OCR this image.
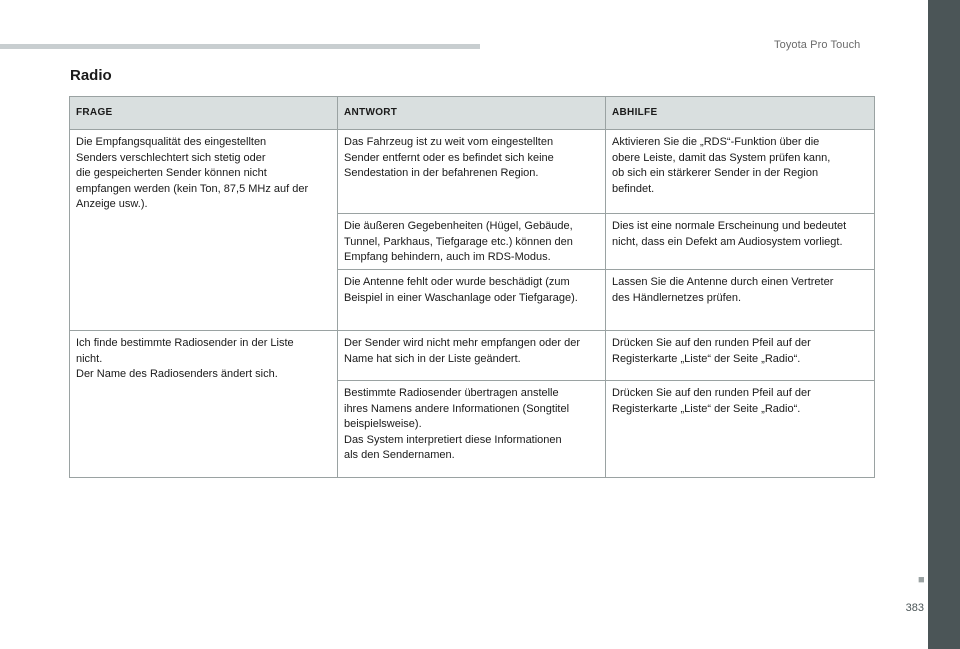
Toyota Pro Touch
Radio
FRAGE	ANTWORT	ABHILFE
Die Empfangsqualität des eingestellten
Senders verschlechtert sich stetig oder
die gespeicherten Sender können nicht
empfangen werden (kein Ton, 87,5 MHz auf der
Anzeige usw.).	Das Fahrzeug ist zu weit vom eingestellten
Sender entfernt oder es befindet sich keine
Sendestation in der befahrenen Region.	Aktivieren Sie die „RDS“-Funktion über die
obere Leiste, damit das System prüfen kann,
ob sich ein stärkerer Sender in der Region
befindet.
	Die äußeren Gegebenheiten (Hügel, Gebäude,
Tunnel, Parkhaus, Tiefgarage etc.) können den
Empfang behindern, auch im RDS-Modus.	Dies ist eine normale Erscheinung und bedeutet
nicht, dass ein Defekt am Audiosystem vorliegt.
	Die Antenne fehlt oder wurde beschädigt (zum
Beispiel in einer Waschanlage oder Tiefgarage).	Lassen Sie die Antenne durch einen Vertreter
des Händlernetzes prüfen.
Ich finde bestimmte Radiosender in der Liste
nicht.
Der Name des Radiosenders ändert sich.	Der Sender wird nicht mehr empfangen oder der
Name hat sich in der Liste geändert.	Drücken Sie auf den runden Pfeil auf der
Registerkarte „Liste“ der Seite „Radio“.
	Bestimmte Radiosender übertragen anstelle
ihres Namens andere Informationen (Songtitel
beispielsweise).
Das System interpretiert diese Informationen
als den Sendernamen.	Drücken Sie auf den runden Pfeil auf der
Registerkarte „Liste“ der Seite „Radio“.
■
383
